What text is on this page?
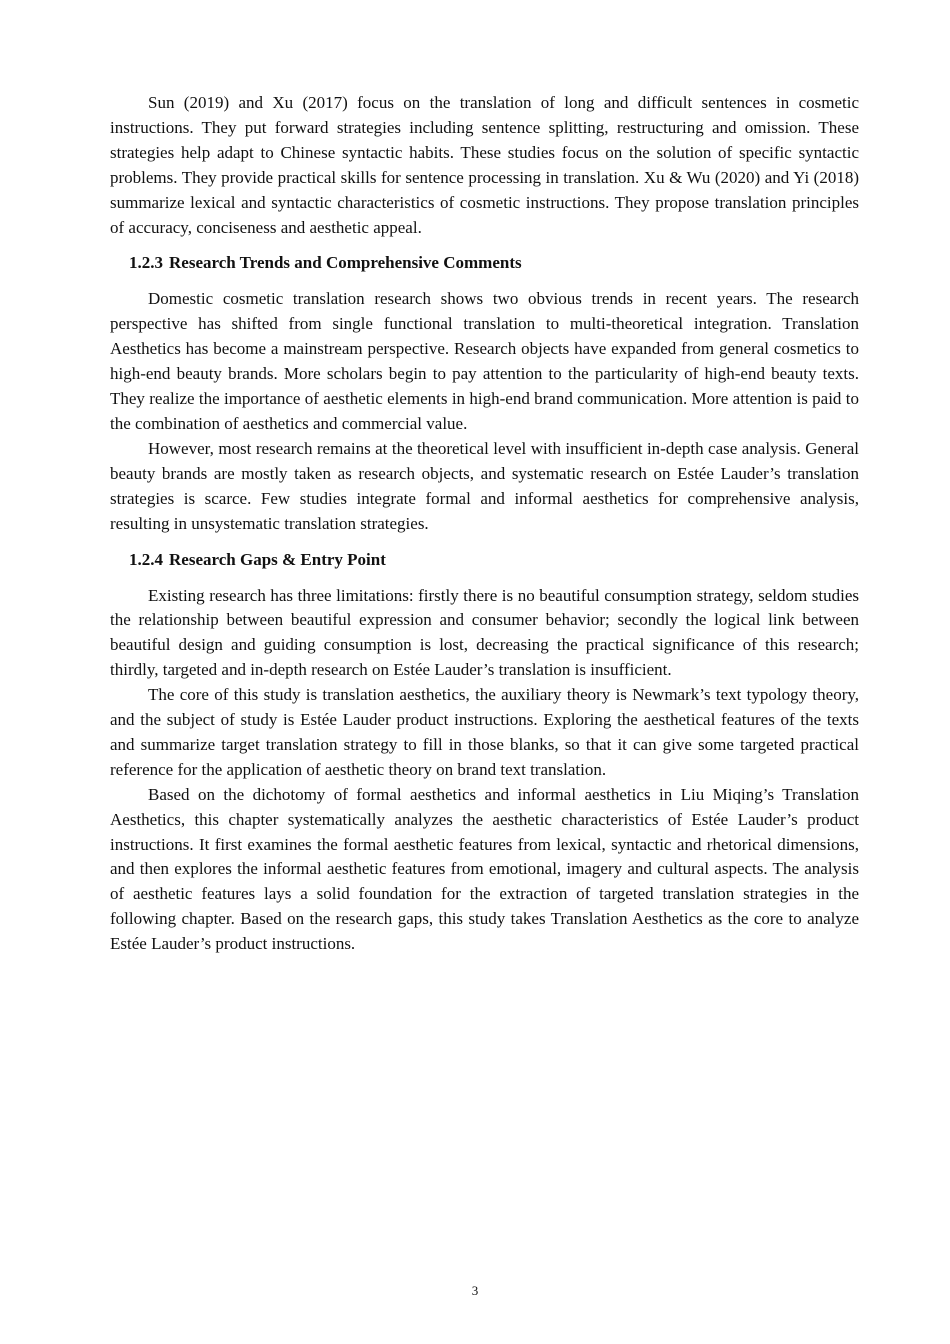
Sun (2019) and Xu (2017) focus on the translation of long and difficult sentences in cosmetic instructions. They put forward strategies including sentence splitting, restructuring and omission. These strategies help adapt to Chinese syntactic habits. These studies focus on the solution of specific syntactic problems. They provide practical skills for sentence processing in translation. Xu & Wu (2020) and Yi (2018) summarize lexical and syntactic characteristics of cosmetic instructions. They propose translation principles of accuracy, conciseness and aesthetic appeal.

1.2.3 Research Trends and Comprehensive Comments

Domestic cosmetic translation research shows two obvious trends in recent years. The research perspective has shifted from single functional translation to multi-theoretical integration. Translation Aesthetics has become a mainstream perspective. Research objects have expanded from general cosmetics to high-end beauty brands. More scholars begin to pay attention to the particularity of high-end beauty texts. They realize the importance of aesthetic elements in high-end brand communication. More attention is paid to the combination of aesthetics and commercial value.

However, most research remains at the theoretical level with insufficient in-depth case analysis. General beauty brands are mostly taken as research objects, and systematic research on Estée Lauder’s translation strategies is scarce. Few studies integrate formal and informal aesthetics for comprehensive analysis, resulting in unsystematic translation strategies.

1.2.4 Research Gaps & Entry Point

Existing research has three limitations: firstly there is no beautiful consumption strategy, seldom studies the relationship between beautiful expression and consumer behavior; secondly the logical link between beautiful design and guiding consumption is lost, decreasing the practical significance of this research; thirdly, targeted and in-depth research on Estée Lauder’s translation is insufficient.

The core of this study is translation aesthetics, the auxiliary theory is Newmark’s text typology theory, and the subject of study is Estée Lauder product instructions. Exploring the aesthetical features of the texts and summarize target translation strategy to fill in those blanks, so that it can give some targeted practical reference for the application of aesthetic theory on brand text translation.

Based on the dichotomy of formal aesthetics and informal aesthetics in Liu Miqing’s Translation Aesthetics, this chapter systematically analyzes the aesthetic characteristics of Estée Lauder’s product instructions. It first examines the formal aesthetic features from lexical, syntactic and rhetorical dimensions, and then explores the informal aesthetic features from emotional, imagery and cultural aspects. The analysis of aesthetic features lays a solid foundation for the extraction of targeted translation strategies in the following chapter. Based on the research gaps, this study takes Translation Aesthetics as the core to analyze Estée Lauder’s product instructions.

3
